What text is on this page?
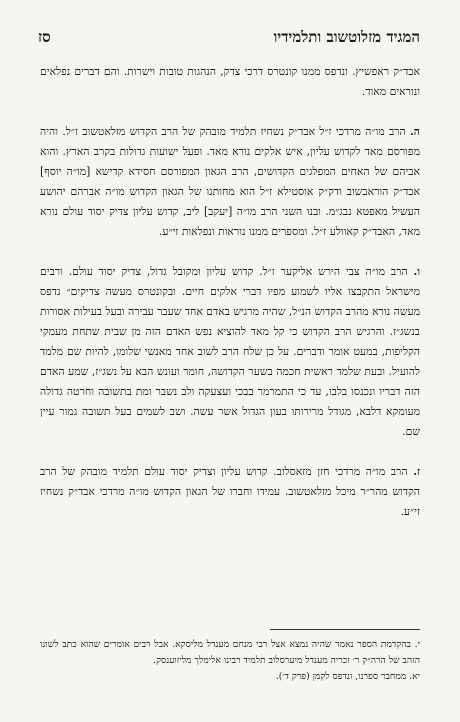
המגיד מזלוטשוב ותלמידיו
סז

אבד״ק ראפשיץ. ונדפס ממנו קונטרס דרכי צדק, הנהגות טובות וישרות. והם דברים נפלאים ונוראים מאוד.

ה. הרב מו״ה מרדכי ז״ל אבד״ק נשחיז תלמיד מובהק של הרב הקדוש מזלאטשוב ז״ל. והיה מפורסם מאד לקדוש עליון, איש אלקים נורא מאד. ופעל ישועות גדולות בקרב הארץ. והוא אביהם של האחים המפלגים הקדושים, הרב הגאון המפורסם חסידא קדישא [מו״ה יוסף] אבד״ק הוראבשוב ודק״ק אוסטילא ז״ל הוא מחותנו של הגאון הקדוש מו״ה אברהם יהושע העשיל מאפטא נבג״מ. ובנו השני הרב מו״ה [יעקב] ליב, קדוש עליון צדיק יסוד עולם נורא מאד, האבד״ק קאוולע ז״ל. ומספרים ממנו נוראות ונפלאות זי״ע.

ו. הרב מו״ה צבי הירש אליקער ז״ל. קדוש עליון ומקובל גדול, צדיק יסוד עולם. ורבים מישראל התקבצו אליו לשמוע מפיו דברי אלקים חיים. ובקונטרס מעשה צדיקים״ נדפס מעשה נורא מהרב הקדוש הנ״ל, שהיה מרגיש באדם אחד שעבר עבירה ובעל בעילות אסורות בנשג״ז. והרגיש הרב הקדוש כי קל מאד להוציא נפש האדם הזה מן שבית שתחת מעמקי הקליפות, במעט אומר ודברים. על כן שלח הרב לשוב אחד מאנשי שלומו, להיות שם מלמד להועיל. ובעת שלמד ראשית חכמה בשער הקדושה, חומר ועונש הבא על נשג״ז, שמע האדם הזה דבריו ונכנסו בלבו, עד כי התמרמר בבכי ועצעקה ולב נשבר ומת בתשובה וחרטה גדולה מעומקא דלבא, מגודל מרירותו בעון הגדול אשר עשה. ושב לשמים בעל תשובה גמור עיין שם.

ז. הרב מו״ה מרדכי חזן מזאסלוב. קדוש עליון וצדיק יסוד עולם תלמיד מובהק של הרב הקדוש מהר״ר מיכל מזלאטשוב. עמידו וחברו של הגאון הקדוש מו״ה מרדכי אבד״ק נשחיז זי״ע.

י. בהקדמת הספר נאמר שהיה נמצא אצל רבי מנחם מענדל מליסקא. אבל רבים אומרים שהוא כתב לשונו הזהב של הרה״ק ר׳ זכריה מענדל מיערסלוב תלמיד רבינו אלימלך מליזוענסק.

יא. ממחבר ספרנו, ונדפס לקמן (פרק ד׳).
